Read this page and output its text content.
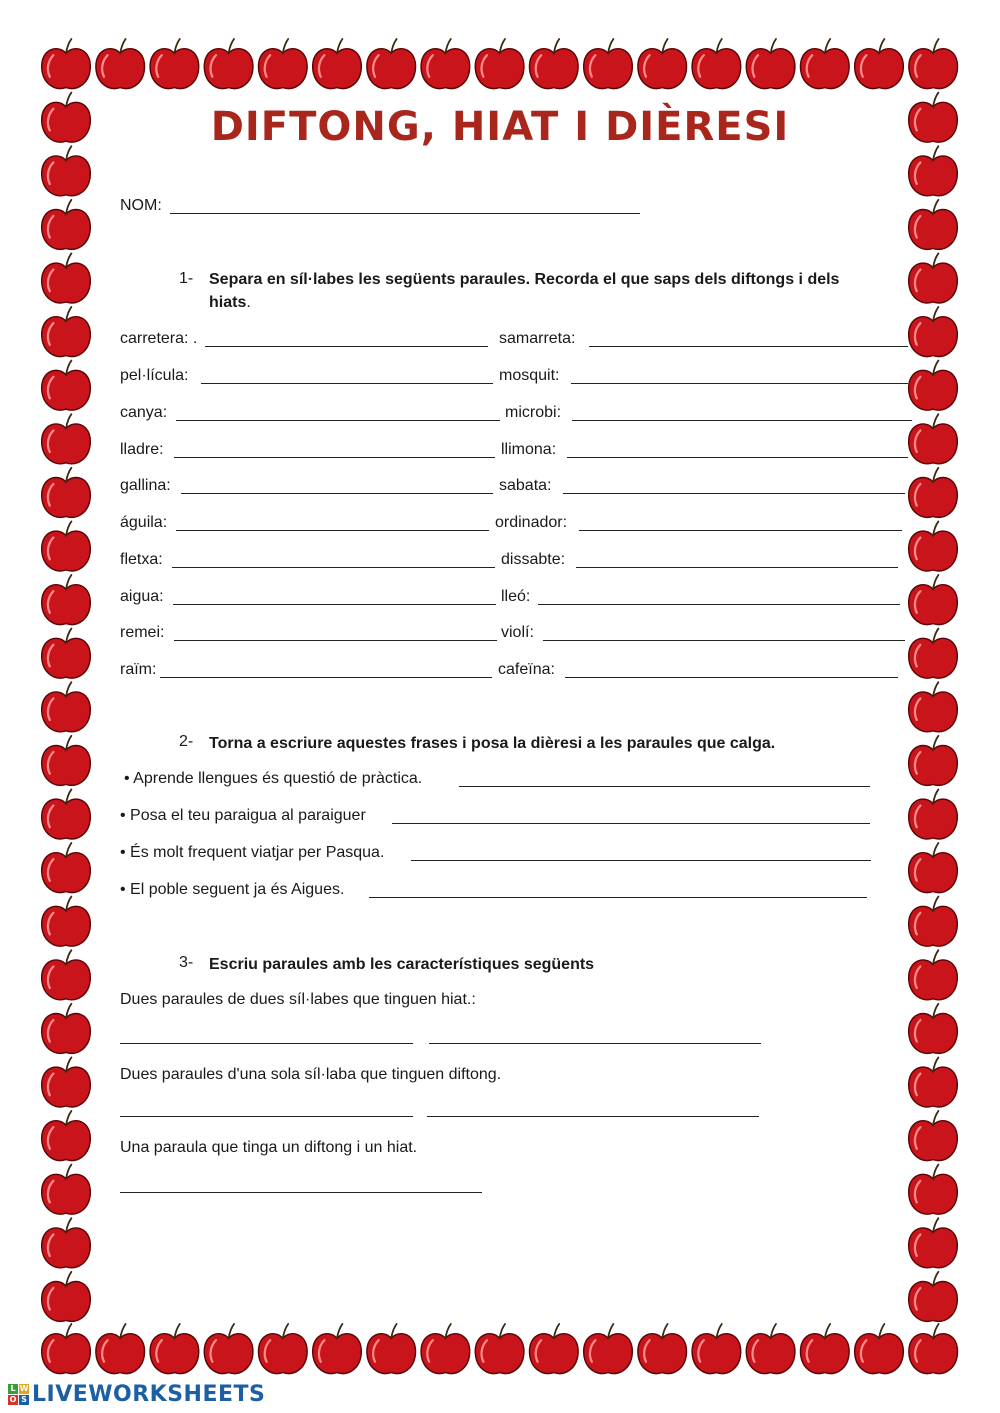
DIFTONG, HIAT I DIÈRESI
NOM:
1- Separa en síl·labes les següents paraules. Recorda el que saps dels diftongs i dels
hiats.
carretera: .	samarreta:
pel·lícula:	mosquit:
canya:	microbi:
lladre:	llimona:
gallina:	sabata:
águila:	ordinador:
fletxa:	dissabte:
aigua:	lleó:
remei:	violí:
raïm:	cafeïna:
2- Torna a escriure aquestes frases i posa la dièresi a les paraules que calga.
• Aprende llengues és questió de pràctica.
• Posa el teu paraigua al paraiguer
• És molt frequent viatjar per Pasqua.
• El poble seguent ja és Aigues.
3- Escriu paraules amb les característiques següents
Dues paraules de dues síl·labes que tinguen hiat.:
Dues paraules d'una sola síl·laba que tinguen diftong.
Una paraula que tinga un diftong i un hiat.
L W
O S LIVEWORKSHEETS
